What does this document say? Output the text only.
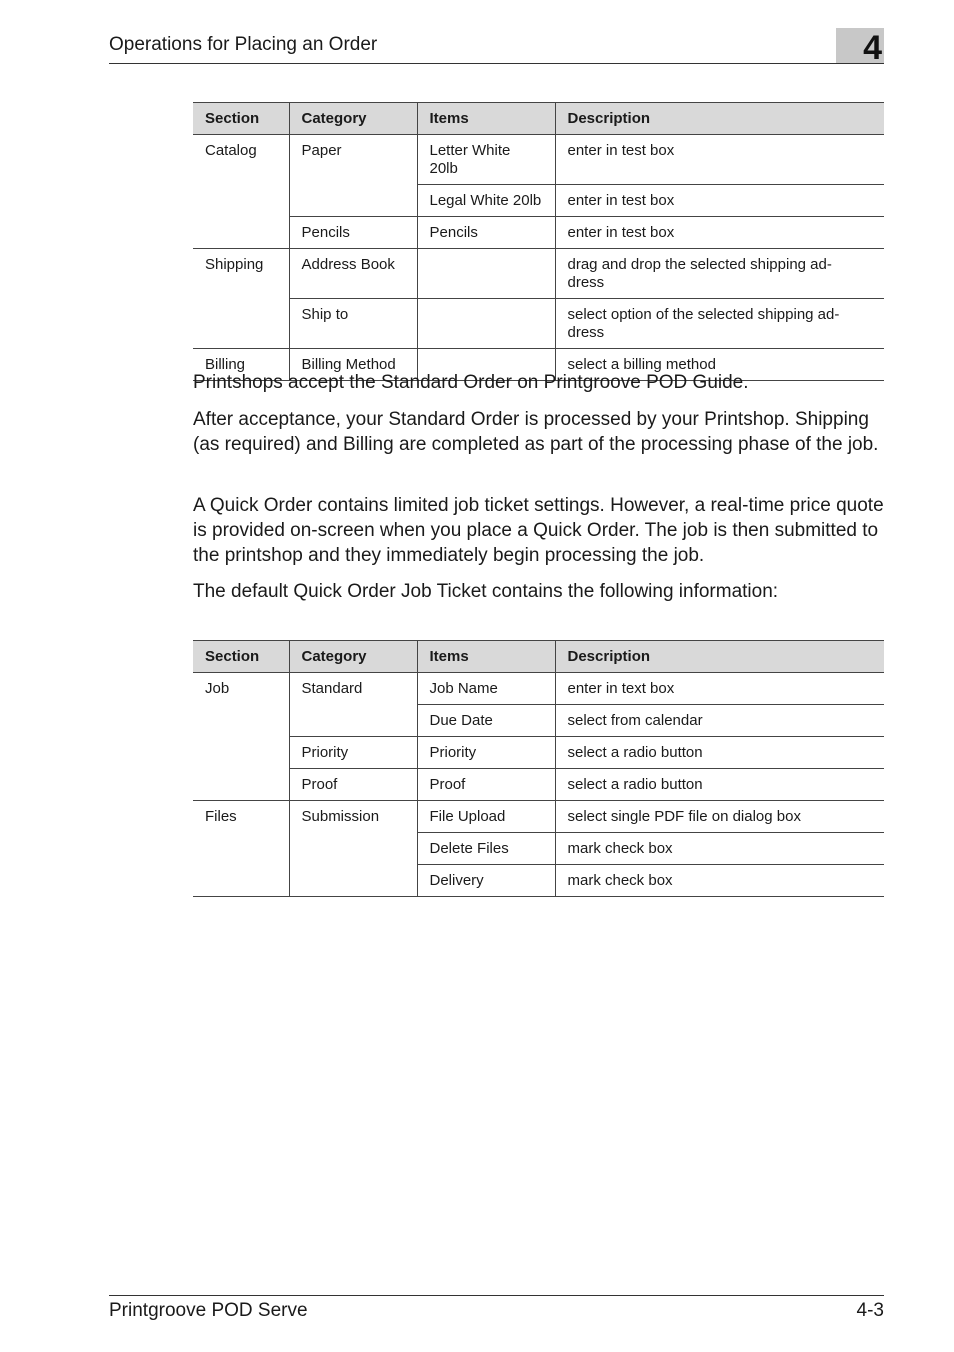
Operations for Placing an Order	4
Section	Category	Items	Description
Catalog	Paper	Letter White 20lb	enter in test box
		Legal White 20lb	enter in test box
	Pencils	Pencils	enter in test box
Shipping	Address Book		drag and drop the selected shipping ad-
dress
	Ship to		select option of the selected shipping ad-
dress
Billing	Billing Method		select a billing method

Printshops accept the Standard Order on Printgroove POD Guide.

After acceptance, your Standard Order is processed by your Printshop. Shipping (as required) and Billing are completed as part of the processing phase of the job.

A Quick Order contains limited job ticket settings. However, a real-time price quote is provided on-screen when you place a Quick Order. The job is then submitted to the printshop and they immediately begin processing the job.

The default Quick Order Job Ticket contains the following information:

Section	Category	Items	Description
Job	Standard	Job Name	enter in text box
		Due Date	select from calendar
	Priority	Priority	select a radio button
	Proof	Proof	select a radio button
Files	Submission	File Upload	select single PDF file on dialog box
		Delete Files	mark check box
		Delivery	mark check box
Printgroove POD Serve	4-3
